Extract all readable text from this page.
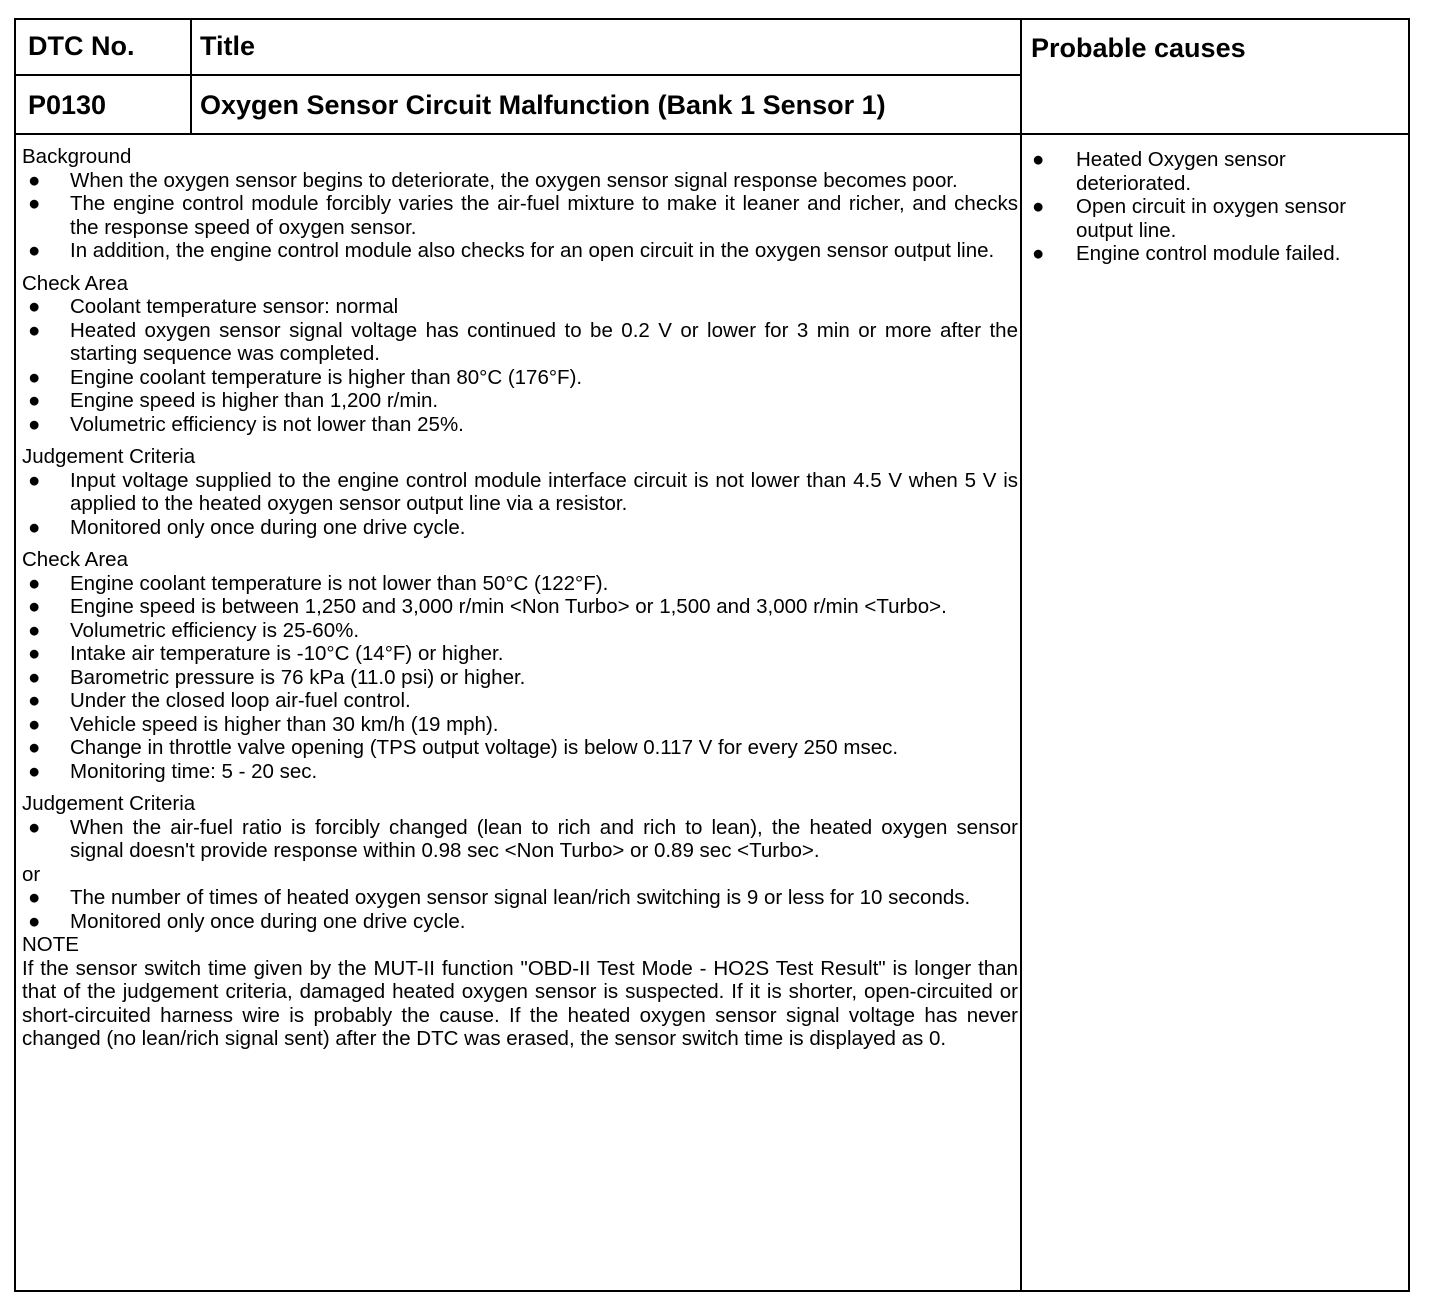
DTC No. Title	Probable causes
P0130	Oxygen Sensor Circuit Malfunction (Bank 1 Sensor 1)
Background
● When the oxygen sensor begins to deteriorate, the oxygen sensor signal response becomes poor.
● The engine control module forcibly varies the air-fuel mixture to make it leaner and richer, and checks the response speed of oxygen sensor.
● In addition, the engine control module also checks for an open circuit in the oxygen sensor output line.
Check Area
● Coolant temperature sensor: normal
● Heated oxygen sensor signal voltage has continued to be 0.2 V or lower for 3 min or more after the starting sequence was completed.
● Engine coolant temperature is higher than 80°C (176°F).
● Engine speed is higher than 1,200 r/min.
● Volumetric efficiency is not lower than 25%.
Judgement Criteria
● Input voltage supplied to the engine control module interface circuit is not lower than 4.5 V when 5 V is applied to the heated oxygen sensor output line via a resistor.
● Monitored only once during one drive cycle.
Check Area
● Engine coolant temperature is not lower than 50°C (122°F).
● Engine speed is between 1,250 and 3,000 r/min <Non Turbo> or 1,500 and 3,000 r/min <Turbo>.
● Volumetric efficiency is 25-60%.
● Intake air temperature is -10°C (14°F) or higher.
● Barometric pressure is 76 kPa (11.0 psi) or higher.
● Under the closed loop air-fuel control.
● Vehicle speed is higher than 30 km/h (19 mph).
● Change in throttle valve opening (TPS output voltage) is below 0.117 V for every 250 msec.
● Monitoring time: 5 - 20 sec.
Judgement Criteria
● When the air-fuel ratio is forcibly changed (lean to rich and rich to lean), the heated oxygen sensor signal doesn't provide response within 0.98 sec <Non Turbo> or 0.89 sec <Turbo>.
or
● The number of times of heated oxygen sensor signal lean/rich switching is 9 or less for 10 seconds.
● Monitored only once during one drive cycle.
NOTE
If the sensor switch time given by the MUT-II function "OBD-II Test Mode - HO2S Test Result" is longer than that of the judgement criteria, damaged heated oxygen sensor is suspected. If it is shorter, open-circuited or short-circuited harness wire is probably the cause. If the heated oxygen sensor signal voltage has never changed (no lean/rich signal sent) after the DTC was erased, the sensor switch time is displayed as 0.
● Heated Oxygen sensor deteriorated.
● Open circuit in oxygen sensor output line.
● Engine control module failed.
